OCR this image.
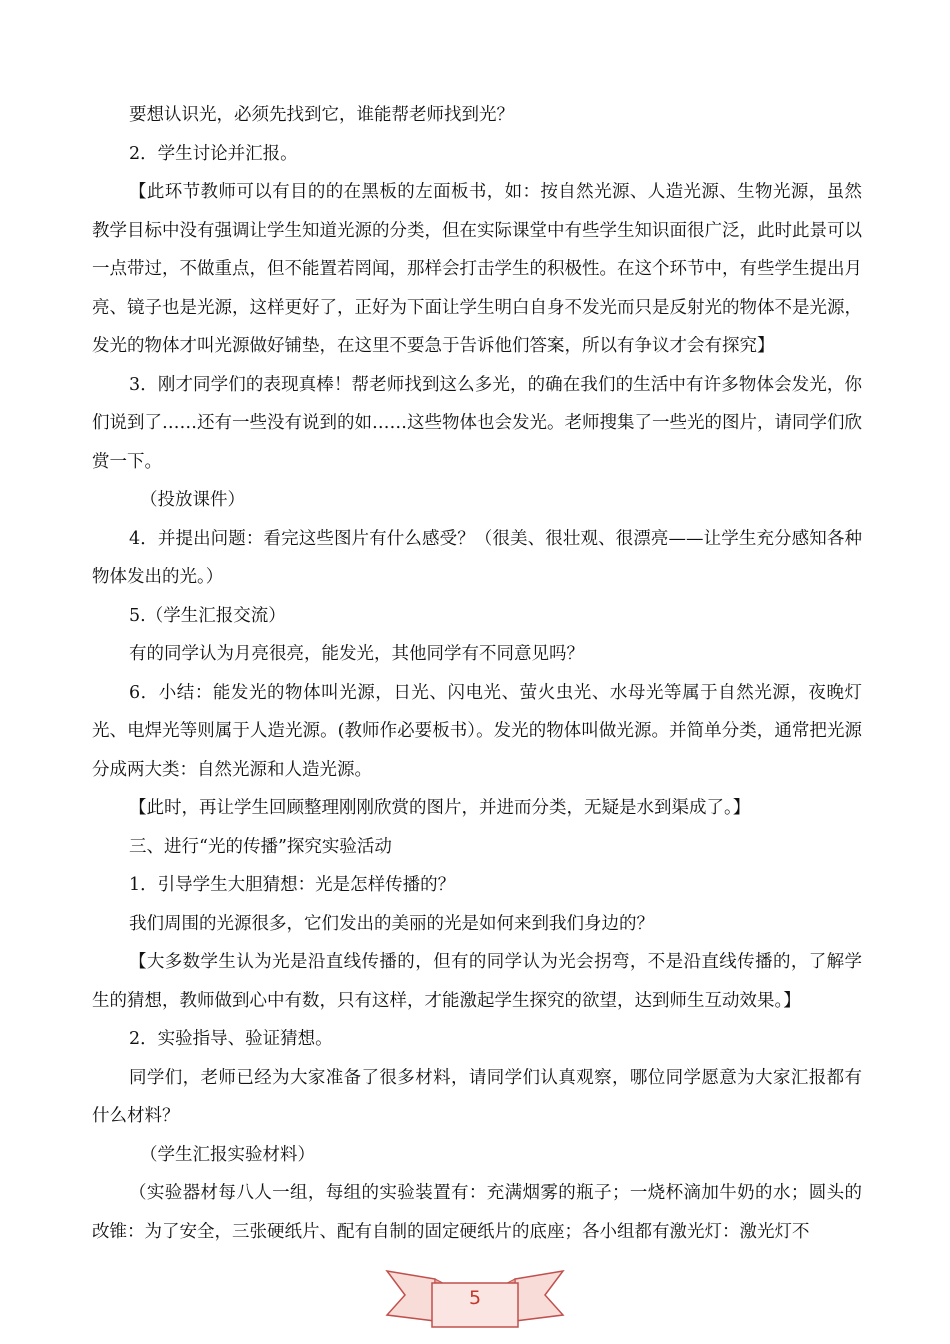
要想认识光，必须先找到它，谁能帮老师找到光？

2．学生讨论并汇报。

【此环节教师可以有目的的在黑板的左面板书，如：按自然光源、人造光源、生物光源，虽然教学目标中没有强调让学生知道光源的分类，但在实际课堂中有些学生知识面很广泛，此时此景可以一点带过，不做重点，但不能置若罔闻，那样会打击学生的积极性。在这个环节中，有些学生提出月亮、镜子也是光源，这样更好了，正好为下面让学生明白自身不发光而只是反射光的物体不是光源，发光的物体才叫光源做好铺垫，在这里不要急于告诉他们答案，所以有争议才会有探究】

3．刚才同学们的表现真棒！帮老师找到这么多光，的确在我们的生活中有许多物体会发光，你们说到了……还有一些没有说到的如……这些物体也会发光。老师搜集了一些光的图片，请同学们欣赏一下。

（投放课件）

4．并提出问题：看完这些图片有什么感受？（很美、很壮观、很漂亮——让学生充分感知各种物体发出的光。）

5.（学生汇报交流）

有的同学认为月亮很亮，能发光，其他同学有不同意见吗？

6．小结：能发光的物体叫光源，日光、闪电光、萤火虫光、水母光等属于自然光源，夜晚灯光、电焊光等则属于人造光源。(教师作必要板书）。发光的物体叫做光源。并简单分类，通常把光源分成两大类：自然光源和人造光源。

【此时，再让学生回顾整理刚刚欣赏的图片，并进而分类，无疑是水到渠成了。】

三、进行“光的传播”探究实验活动

1．引导学生大胆猜想：光是怎样传播的？

我们周围的光源很多，它们发出的美丽的光是如何来到我们身边的？

【大多数学生认为光是沿直线传播的，但有的同学认为光会拐弯，不是沿直线传播的，了解学生的猜想，教师做到心中有数，只有这样，才能激起学生探究的欲望，达到师生互动效果。】

2．实验指导、验证猜想。

同学们，老师已经为大家准备了很多材料，请同学们认真观察，哪位同学愿意为大家汇报都有什么材料？

（学生汇报实验材料）

（实验器材每八人一组，每组的实验装置有：充满烟雾的瓶子；一烧杯滴加牛奶的水；圆头的改锥：为了安全，三张硬纸片、配有自制的固定硬纸片的底座；各小组都有激光灯：激光灯不

5
